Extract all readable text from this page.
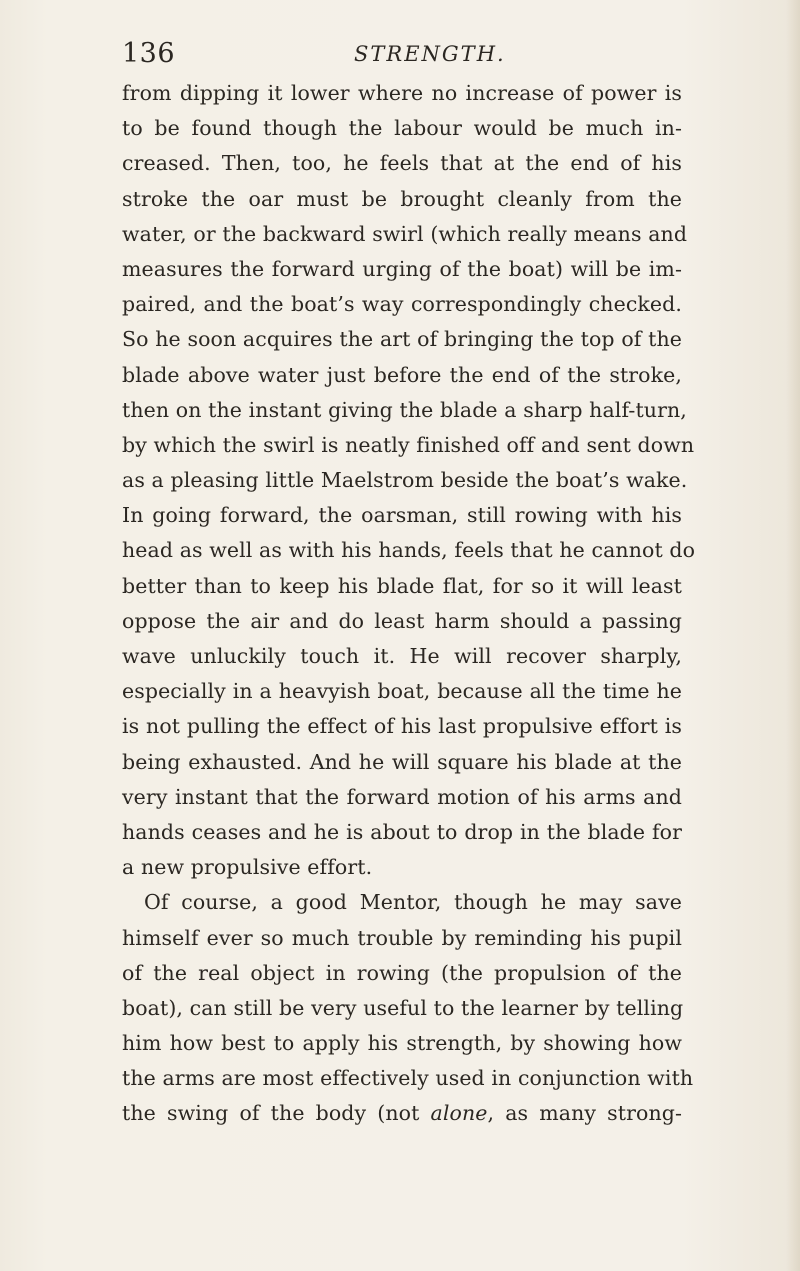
136	STRENGTH.
from dipping it lower where no increase of power is
to be found though the labour would be much in-
creased. Then, too, he feels that at the end of his
stroke the oar must be brought cleanly from the
water, or the backward swirl (which really means and
measures the forward urging of the boat) will be im-
paired, and the boat’s way correspondingly checked.
So he soon acquires the art of bringing the top of the
blade above water just before the end of the stroke,
then on the instant giving the blade a sharp half-turn,
by which the swirl is neatly finished off and sent down
as a pleasing little Maelstrom beside the boat’s wake.
In going forward, the oarsman, still rowing with his
head as well as with his hands, feels that he cannot do
better than to keep his blade flat, for so it will least
oppose the air and do least harm should a passing
wave unluckily touch it. He will recover sharply,
especially in a heavyish boat, because all the time he
is not pulling the effect of his last propulsive effort is
being exhausted. And he will square his blade at the
very instant that the forward motion of his arms and
hands ceases and he is about to drop in the blade for
a new propulsive effort.
Of course, a good Mentor, though he may save
himself ever so much trouble by reminding his pupil
of the real object in rowing (the propulsion of the
boat), can still be very useful to the learner by telling
him how best to apply his strength, by showing how
the arms are most effectively used in conjunction with
the swing of the body (not alone, as many strong-
